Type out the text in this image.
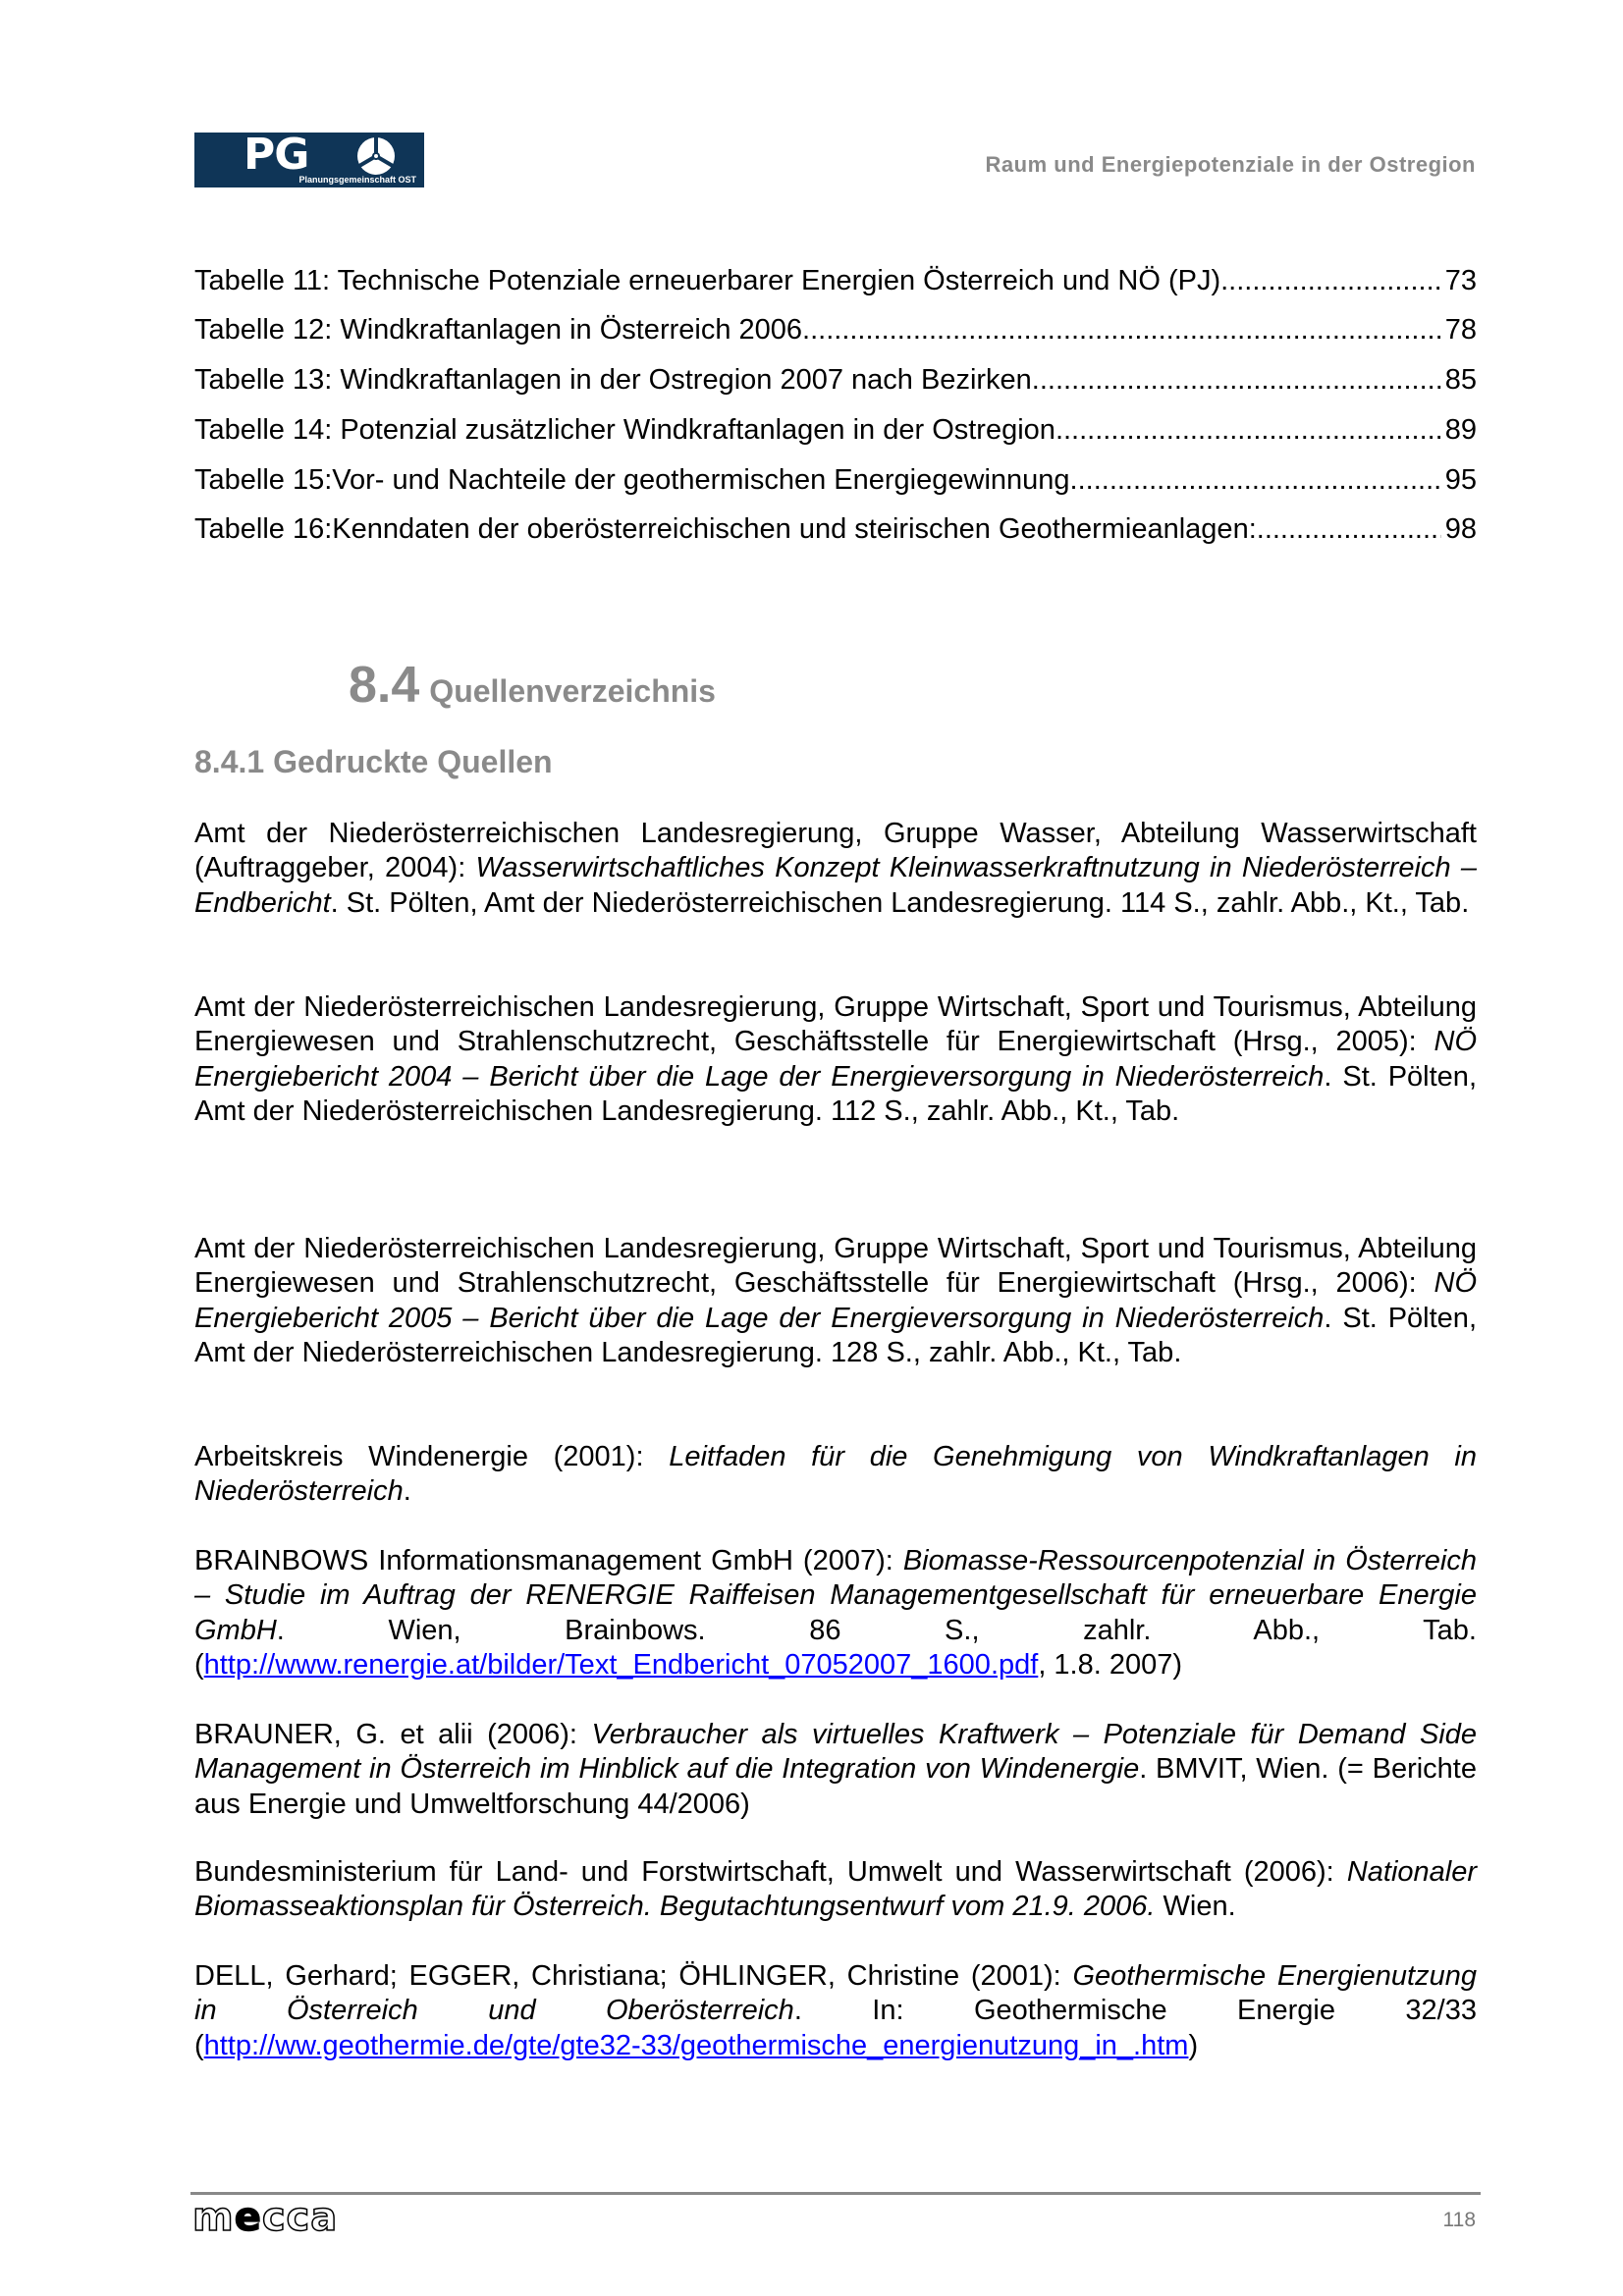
PG
Planungsgemeinschaft OST
Raum und Energiepotenziale in der Ostregion
Tabelle 11: Technische Potenziale erneuerbarer Energien Österreich und NÖ (PJ) .....	73
Tabelle 12: Windkraftanlagen in Österreich 2006 .....	78
Tabelle 13: Windkraftanlagen in der Ostregion 2007 nach Bezirken .....	85
Tabelle 14: Potenzial zusätzlicher Windkraftanlagen in der Ostregion .....	89
Tabelle 15:Vor- und Nachteile der geothermischen Energiegewinnung .....	95
Tabelle 16:Kenndaten der oberösterreichischen und steirischen Geothermieanlagen: .....	98
8.4 Quellenverzeichnis
8.4.1 Gedruckte Quellen
Amt der Niederösterreichischen Landesregierung, Gruppe Wasser, Abteilung Wasserwirtschaft (Auftraggeber, 2004): Wasserwirtschaftliches Konzept Kleinwasserkraftnutzung in Niederösterreich – Endbericht. St. Pölten, Amt der Niederösterreichischen Landesregierung. 114 S., zahlr. Abb., Kt., Tab.
Amt der Niederösterreichischen Landesregierung, Gruppe Wirtschaft, Sport und Tourismus, Abteilung Energiewesen und Strahlenschutzrecht, Geschäftsstelle für Energiewirtschaft (Hrsg., 2005): NÖ Energiebericht 2004 – Bericht über die Lage der Energieversorgung in Niederösterreich. St. Pölten, Amt der Niederösterreichischen Landesregierung. 112 S., zahlr. Abb., Kt., Tab.
Amt der Niederösterreichischen Landesregierung, Gruppe Wirtschaft, Sport und Tourismus, Abteilung Energiewesen und Strahlenschutzrecht, Geschäftsstelle für Energiewirtschaft (Hrsg., 2006): NÖ Energiebericht 2005 – Bericht über die Lage der Energieversorgung in Niederösterreich. St. Pölten, Amt der Niederösterreichischen Landesregierung. 128 S., zahlr. Abb., Kt., Tab.
Arbeitskreis Windenergie (2001): Leitfaden für die Genehmigung von Windkraftanlagen in Niederösterreich.
BRAINBOWS Informationsmanagement GmbH (2007): Biomasse-Ressourcenpotenzial in Österreich – Studie im Auftrag der RENERGIE Raiffeisen Managementgesellschaft für erneuerbare Energie GmbH. Wien, Brainbows. 86 S., zahlr. Abb., Tab. (http://www.renergie.at/bilder/Text_Endbericht_07052007_1600.pdf, 1.8. 2007)
BRAUNER, G. et alii (2006): Verbraucher als virtuelles Kraftwerk – Potenziale für Demand Side Management in Österreich im Hinblick auf die Integration von Windenergie. BMVIT, Wien. (= Berichte aus Energie und Umweltforschung 44/2006)
Bundesministerium für Land- und Forstwirtschaft, Umwelt und Wasserwirtschaft (2006): Nationaler Biomasseaktionsplan für Österreich. Begutachtungsentwurf vom 21.9. 2006. Wien.
DELL, Gerhard; EGGER, Christiana; ÖHLINGER, Christine (2001): Geothermische Energienutzung in Österreich und Oberösterreich. In: Geothermische Energie 32/33 (http://ww.geothermie.de/gte/gte32-33/geothermische_energienutzung_in_.htm)
mecca	118
